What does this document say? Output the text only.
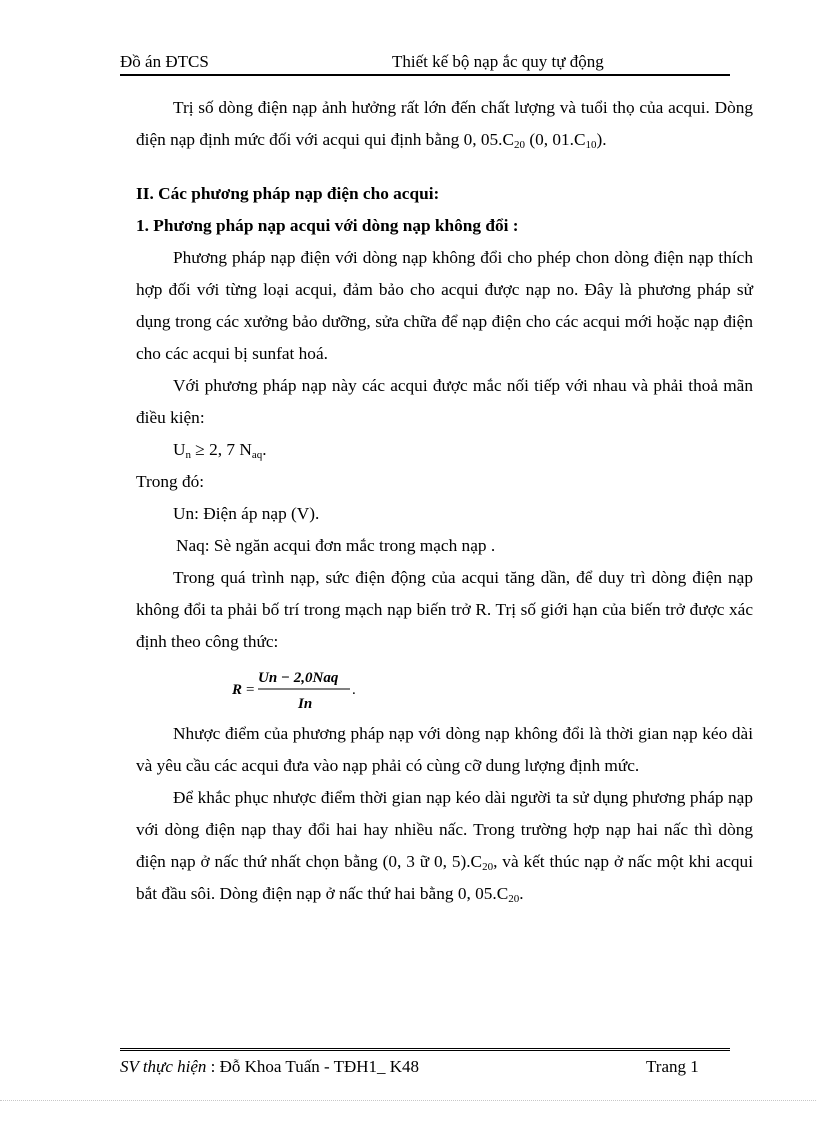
Đồ án ĐTCS	Thiết kế bộ nạp ắc quy tự động

Trị số dòng điện nạp ảnh hưởng rất lớn đến chất lượng và tuổi thọ của acqui. Dòng điện nạp định mức đối với acqui qui định bằng 0, $05.C_{20}$ (0, $01.C_{10}$).

II. Các phương pháp nạp điện cho acqui:

1. Phương pháp nạp acqui với dòng nạp không đổi :

Phương pháp nạp điện với dòng nạp không đổi cho phép chon dòng điện nạp thích hợp đối với từng loại acqui, đảm bảo cho acqui được nạp no. Đây là phương pháp sử dụng trong các xưởng bảo dưỡng, sửa chữa để nạp điện cho các acqui mới hoặc nạp điện cho các acqui bị sunfat hoá.

Với phương pháp nạp này các acqui được mắc nối tiếp với nhau và phải thoả mãn điều kiện:

$U_n \ge 2$, 7 $N_{aq}$.

Trong đó:

Un: Điện áp nạp (V).

Naq: Sè ngăn acqui đơn mắc trong mạch nạp .

Trong quá trình nạp, sức điện động của acqui tăng dần, để duy trì dòng điện nạp không đổi ta phải bố trí trong mạch nạp biến trở R. Trị số giới hạn của biến trở được xác định theo công thức:

R =
Un − 2,0Naq
In
.

Nhược điểm của phương pháp nạp với dòng nạp không đổi là thời gian nạp kéo dài và yêu cầu các acqui đưa vào nạp phải có cùng cỡ dung lượng định mức.

Để khắc phục nhược điểm thời gian nạp kéo dài người ta sử dụng phương pháp nạp với dòng điện nạp thay đổi hai hay nhiều nấc. Trong trường hợp nạp hai nấc thì dòng điện nạp ở nấc thứ nhất chọn bằng (0, 3 ữ 0, $5).C_{20}$, và kết thúc nạp ở nấc một khi acqui bắt đầu sôi. Dòng điện nạp ở nấc thứ hai bằng 0, $05.C_{20}$.

SV thực hiện : Đỗ Khoa Tuấn - TĐH1_ K48	Trang 1
